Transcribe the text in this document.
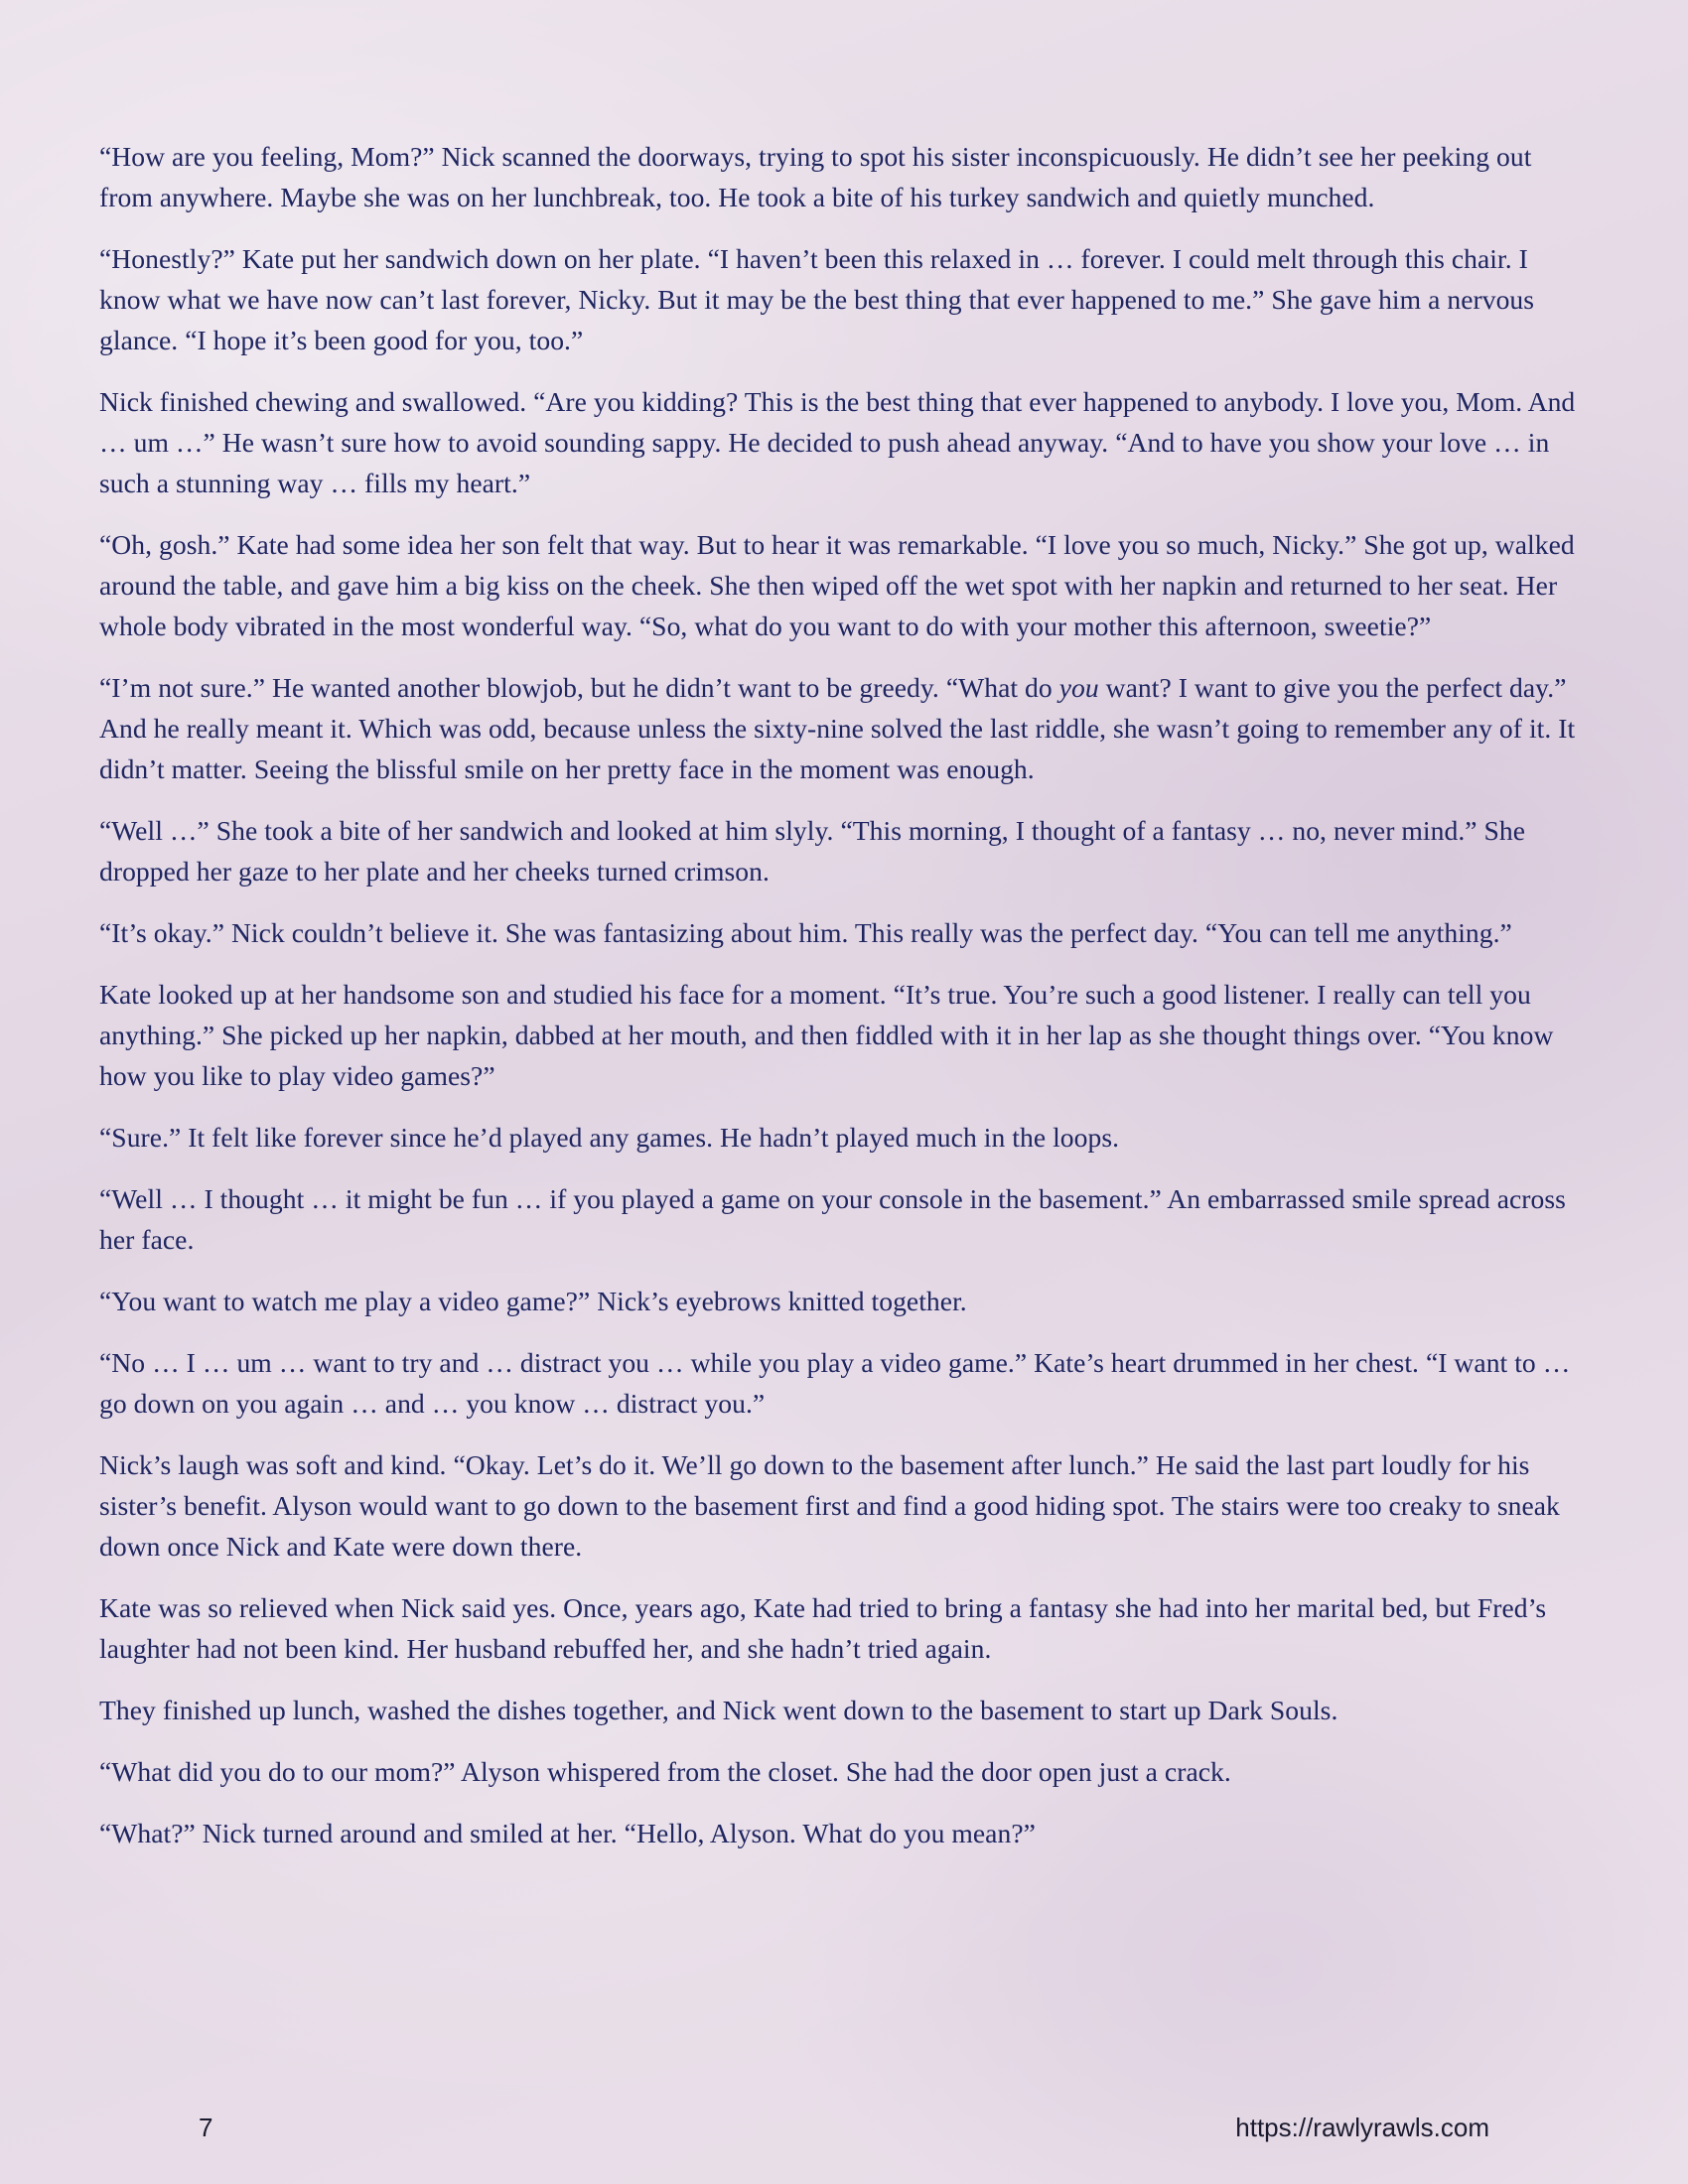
“How are you feeling, Mom?” Nick scanned the doorways, trying to spot his sister inconspicuously. He didn’t see her peeking out from anywhere. Maybe she was on her lunchbreak, too. He took a bite of his turkey sandwich and quietly munched.

“Honestly?” Kate put her sandwich down on her plate. “I haven’t been this relaxed in … forever. I could melt through this chair. I know what we have now can’t last forever, Nicky. But it may be the best thing that ever happened to me.” She gave him a nervous glance. “I hope it’s been good for you, too.”

Nick finished chewing and swallowed. “Are you kidding? This is the best thing that ever happened to anybody. I love you, Mom. And … um …” He wasn’t sure how to avoid sounding sappy. He decided to push ahead anyway. “And to have you show your love … in such a stunning way … fills my heart.”

“Oh, gosh.” Kate had some idea her son felt that way. But to hear it was remarkable. “I love you so much, Nicky.” She got up, walked around the table, and gave him a big kiss on the cheek. She then wiped off the wet spot with her napkin and returned to her seat. Her whole body vibrated in the most wonderful way. “So, what do you want to do with your mother this afternoon, sweetie?”

“I’m not sure.” He wanted another blowjob, but he didn’t want to be greedy. “What do you want? I want to give you the perfect day.” And he really meant it. Which was odd, because unless the sixty-nine solved the last riddle, she wasn’t going to remember any of it. It didn’t matter. Seeing the blissful smile on her pretty face in the moment was enough.

“Well …” She took a bite of her sandwich and looked at him slyly. “This morning, I thought of a fantasy … no, never mind.” She dropped her gaze to her plate and her cheeks turned crimson.

“It’s okay.” Nick couldn’t believe it. She was fantasizing about him. This really was the perfect day. “You can tell me anything.”

Kate looked up at her handsome son and studied his face for a moment. “It’s true. You’re such a good listener. I really can tell you anything.” She picked up her napkin, dabbed at her mouth, and then fiddled with it in her lap as she thought things over. “You know how you like to play video games?”

“Sure.” It felt like forever since he’d played any games. He hadn’t played much in the loops.

“Well … I thought … it might be fun … if you played a game on your console in the basement.” An embarrassed smile spread across her face.

“You want to watch me play a video game?” Nick’s eyebrows knitted together.

“No … I … um … want to try and … distract you … while you play a video game.” Kate’s heart drummed in her chest. “I want to … go down on you again … and … you know … distract you.”

Nick’s laugh was soft and kind. “Okay. Let’s do it. We’ll go down to the basement after lunch.” He said the last part loudly for his sister’s benefit. Alyson would want to go down to the basement first and find a good hiding spot. The stairs were too creaky to sneak down once Nick and Kate were down there.

Kate was so relieved when Nick said yes. Once, years ago, Kate had tried to bring a fantasy she had into her marital bed, but Fred’s laughter had not been kind. Her husband rebuffed her, and she hadn’t tried again.

They finished up lunch, washed the dishes together, and Nick went down to the basement to start up Dark Souls.

“What did you do to our mom?” Alyson whispered from the closet. She had the door open just a crack.

“What?” Nick turned around and smiled at her. “Hello, Alyson. What do you mean?”

7	https://rawlyrawls.com
